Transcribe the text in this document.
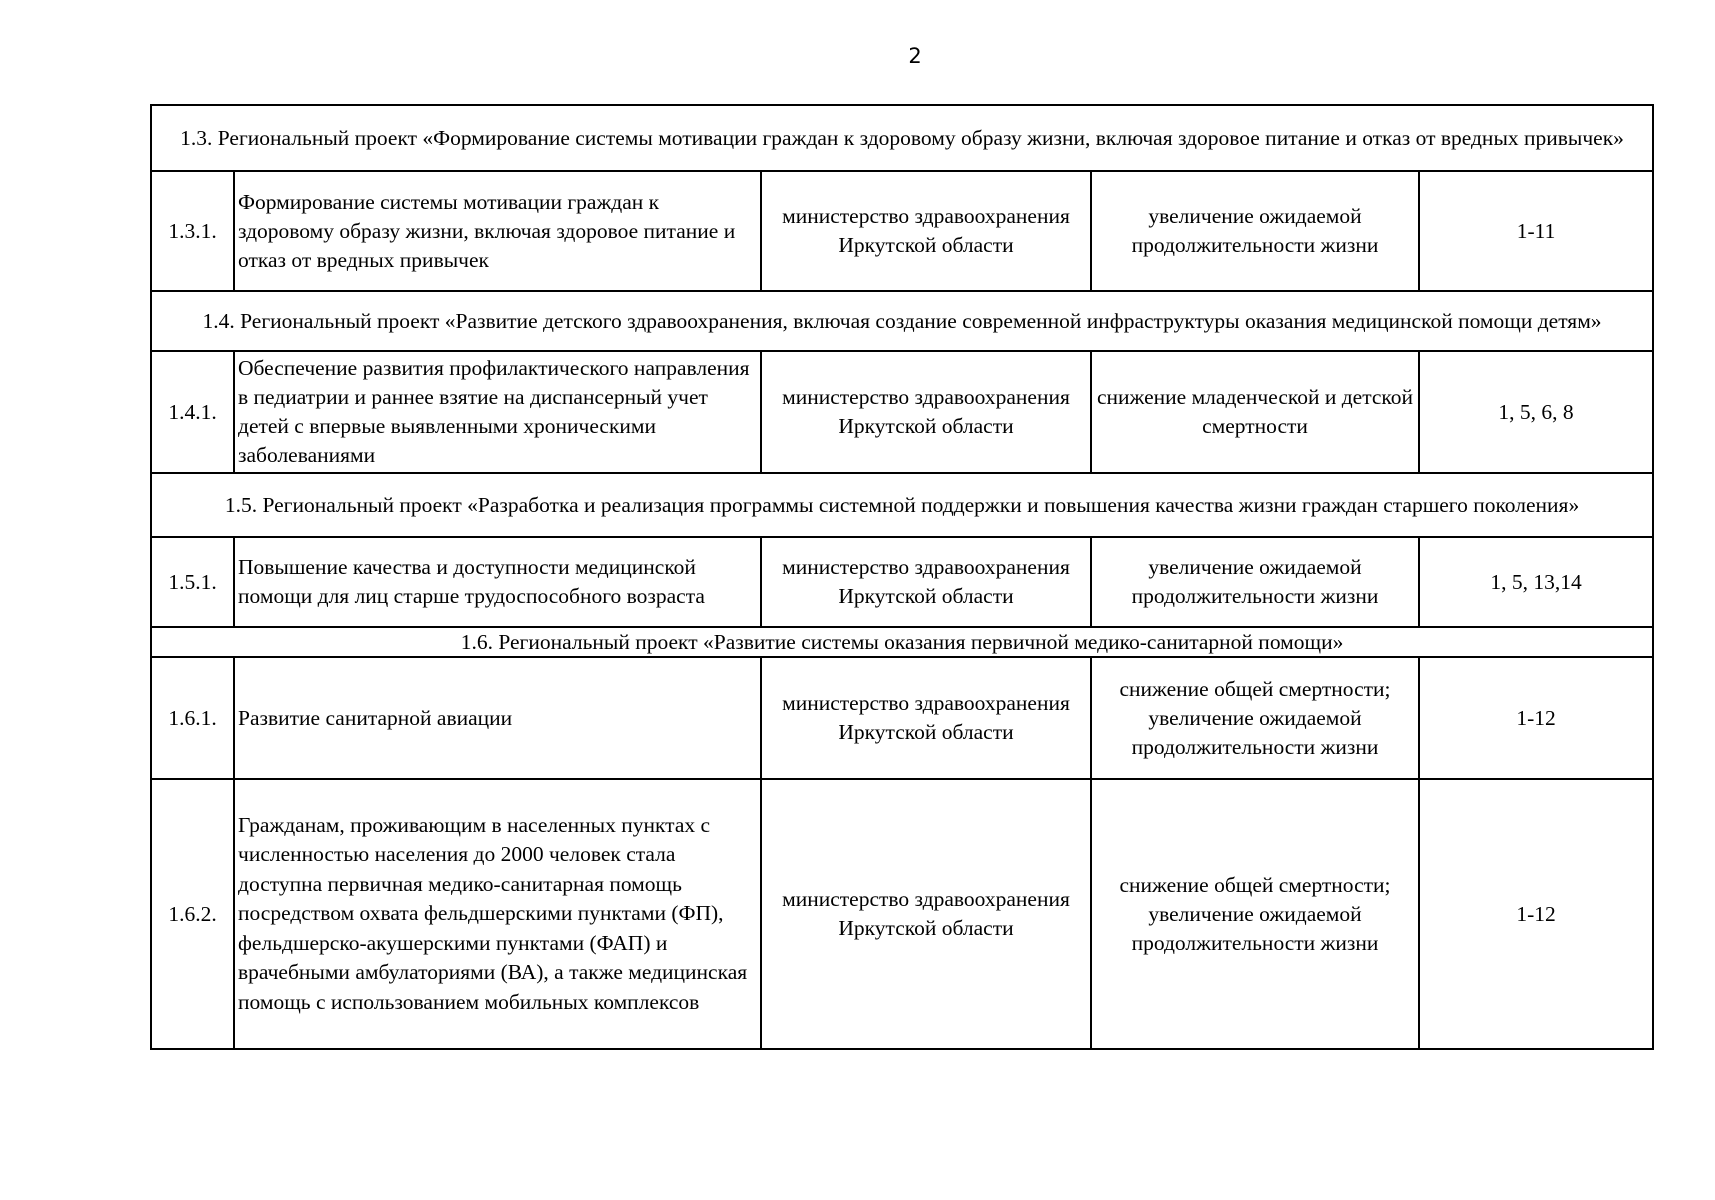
2
1.3. Региональный проект «Формирование системы мотивации граждан к здоровому образу жизни, включая здоровое питание и отказ от вредных привычек»				
1.3.1.	Формирование системы мотивации граждан к здоровому образу жизни, включая здоровое питание и отказ от вредных привычек	министерство здравоохранения Иркутской области	увеличение ожидаемой продолжительности жизни	1-11
1.4. Региональный проект «Развитие детского здравоохранения, включая создание современной инфраструктуры оказания медицинской помощи детям»				
1.4.1.	Обеспечение развития профилактического направления в педиатрии и раннее взятие на диспансерный учет детей с впервые выявленными хроническими заболеваниями	министерство здравоохранения Иркутской области	снижение младенческой и детской смертности	1, 5, 6, 8
1.5. Региональный проект «Разработка и реализация программы системной поддержки и повышения качества жизни граждан старшего поколения»				
1.5.1.	Повышение качества и доступности медицинской помощи для лиц старше трудоспособного возраста	министерство здравоохранения Иркутской области	увеличение ожидаемой продолжительности жизни	1, 5, 13,14
1.6. Региональный проект «Развитие системы оказания первичной медико-санитарной помощи»				
1.6.1.	Развитие санитарной авиации	министерство здравоохранения Иркутской области	снижение общей смертности; увеличение ожидаемой продолжительности жизни	1-12
1.6.2.	Гражданам, проживающим в населенных пунктах с численностью населения до 2000 человек стала доступна первичная медико-санитарная помощь посредством охвата фельдшерскими пунктами (ФП), фельдшерско-акушерскими пунктами (ФАП) и врачебными амбулаториями (ВА), а также медицинская помощь с использованием мобильных комплексов	министерство здравоохранения Иркутской области	снижение общей смертности; увеличение ожидаемой продолжительности жизни	1-12
